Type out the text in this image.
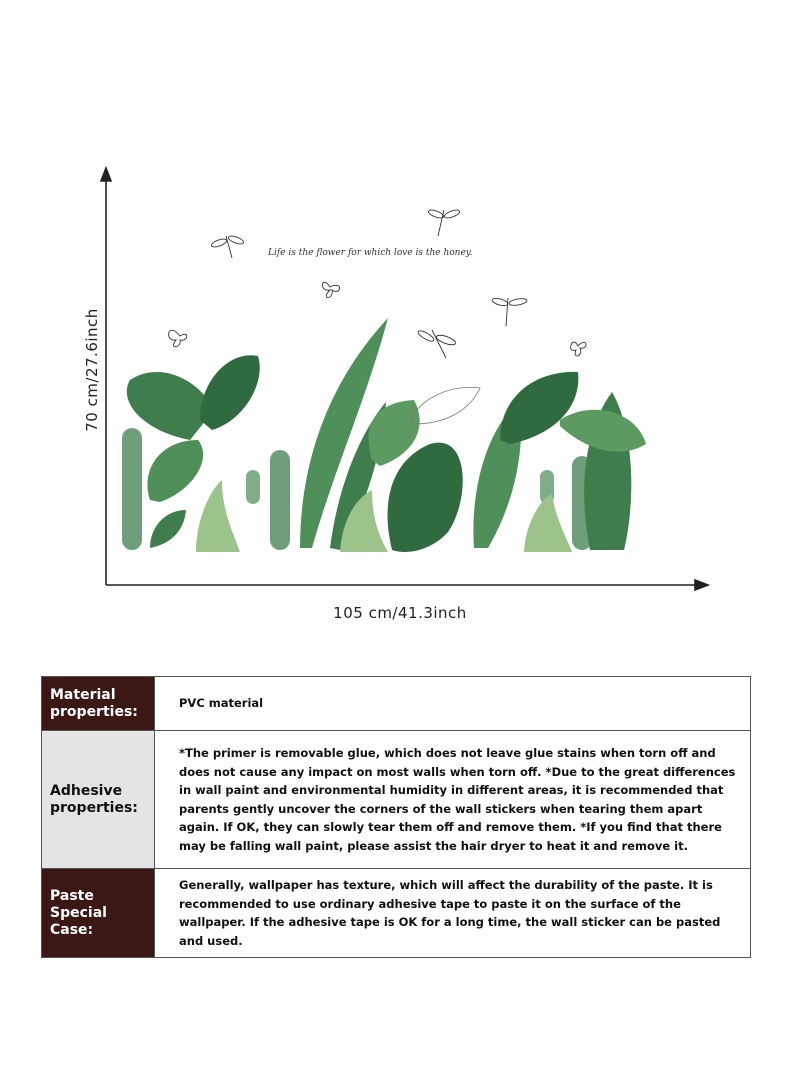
70 cm/27.6inch
105 cm/41.3inch
Life is the flower for which love is the honey.
Material properties:

PVC material

Adhesive properties:

*The primer is removable glue, which does not leave glue stains when torn off and does not cause any impact on most walls when torn off. *Due to the great differences in wall paint and environmental humidity in different areas, it is recommended that parents gently uncover the corners of the wall stickers when tearing them apart again. If OK, they can slowly tear them off and remove them. *If you find that there may be falling wall paint, please assist the hair dryer to heat it and remove it.

Paste Special Case:

Generally, wallpaper has texture, which will affect the durability of the paste. It is recommended to use ordinary adhesive tape to paste it on the surface of the wallpaper. If the adhesive tape is OK for a long time, the wall sticker can be pasted and used.
